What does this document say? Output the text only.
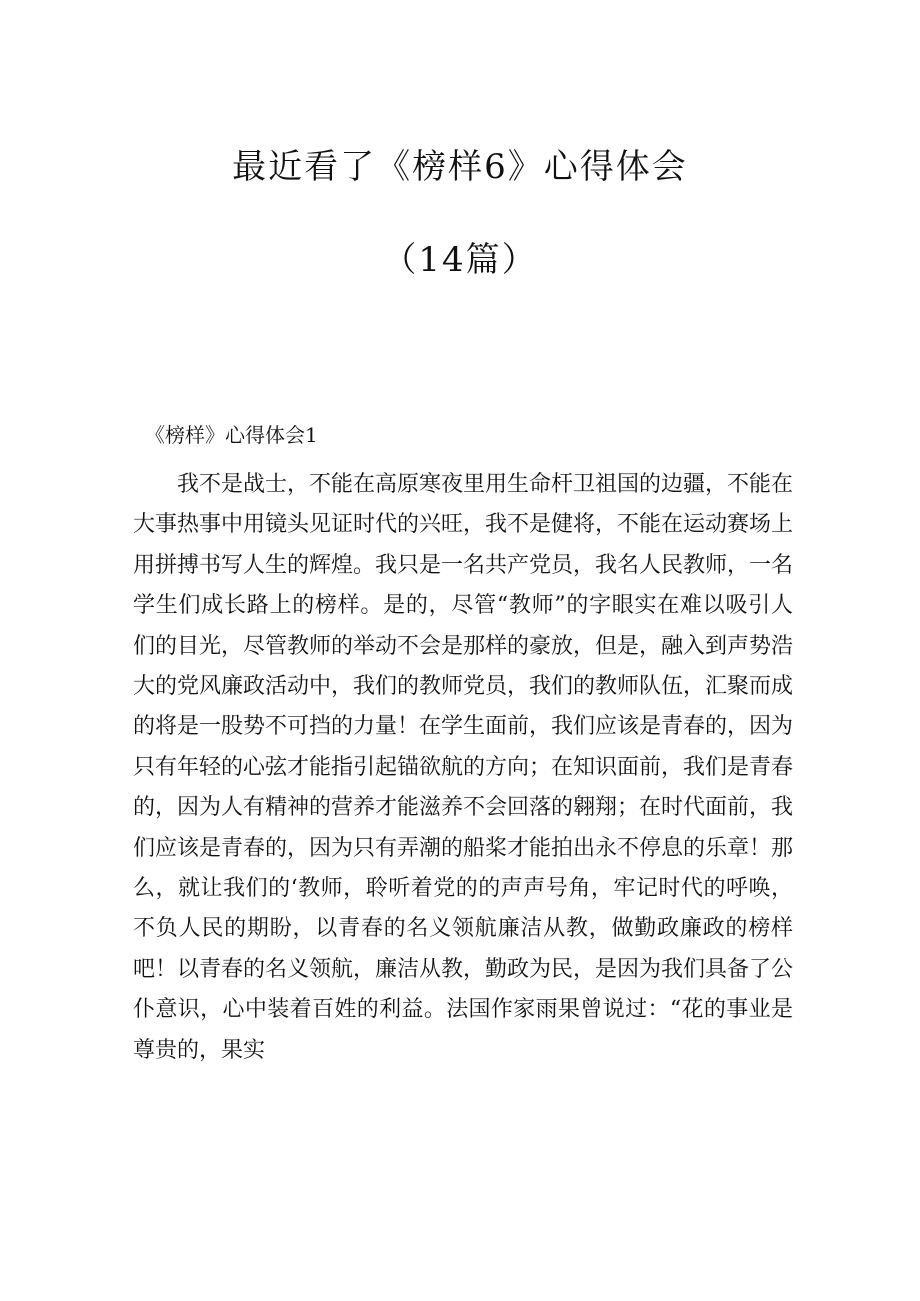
最近看了《榜样6》心得体会
（14篇）
《榜样》心得体会1

我不是战士，不能在高原寒夜里用生命杆卫祖国的边疆，不能在大事热事中用镜头见证时代的兴旺，我不是健将，不能在运动赛场上用拼搏书写人生的辉煌。我只是一名共产党员，我名人民教师，一名学生们成长路上的榜样。是的，尽管“教师”的字眼实在难以吸引人们的目光，尽管教师的举动不会是那样的豪放，但是，融入到声势浩大的党风廉政活动中，我们的教师党员，我们的教师队伍，汇聚而成的将是一股势不可挡的力量！在学生面前，我们应该是青春的，因为只有年轻的心弦才能指引起锚欲航的方向；在知识面前，我们是青春的，因为人有精神的营养才能滋养不会回落的翱翔；在时代面前，我们应该是青春的，因为只有弄潮的船桨才能拍出永不停息的乐章！那么，就让我们的‘教师，聆听着党的的声声号角，牢记时代的呼唤，不负人民的期盼，以青春的名义领航廉洁从教，做勤政廉政的榜样吧！以青春的名义领航，廉洁从教，勤政为民，是因为我们具备了公仆意识，心中装着百姓的利益。法国作家雨果曾说过：“花的事业是尊贵的，果实
